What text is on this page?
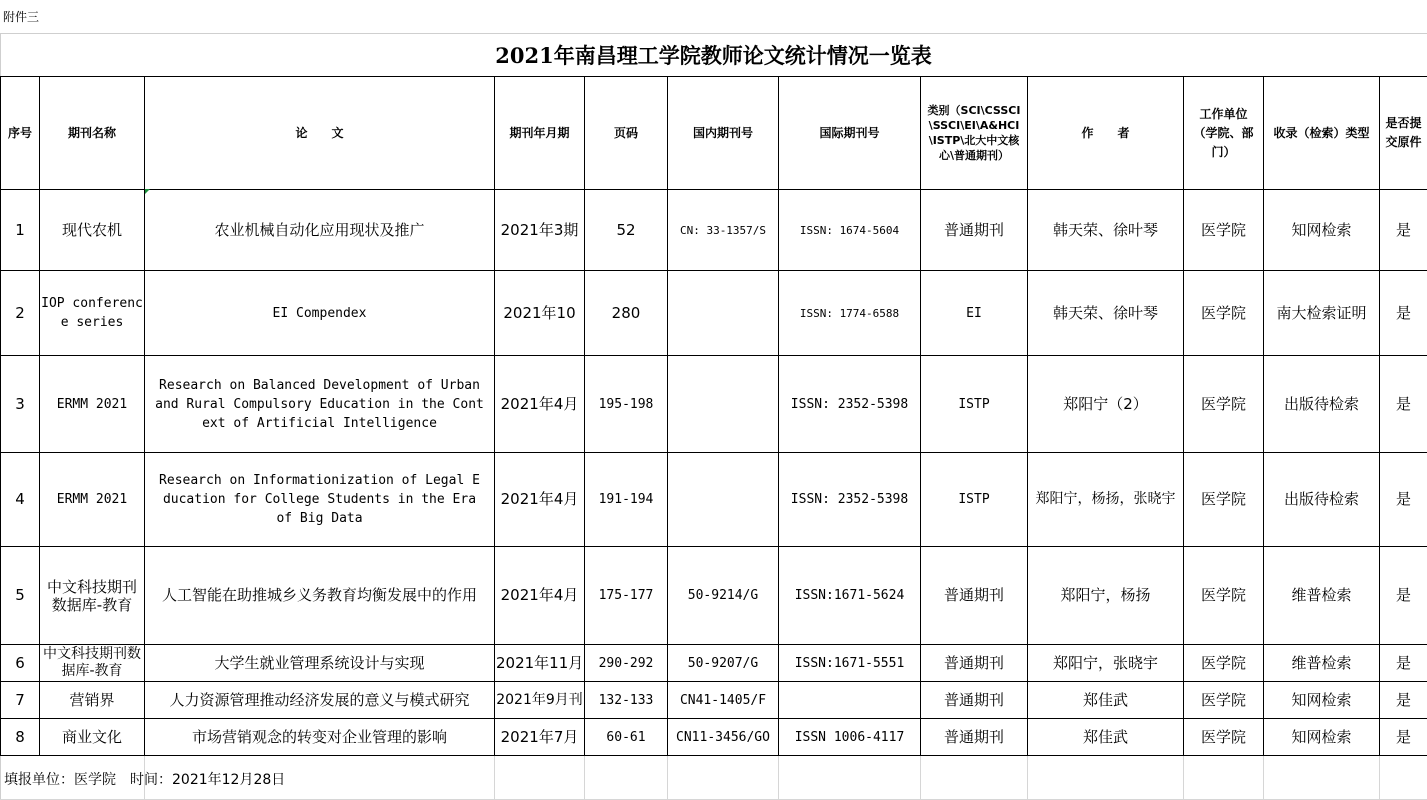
附件三
2021年南昌理工学院教师论文统计情况一览表
序号	期刊名称	论　　文	期刊年月期	页码	国内期刊号	国际期刊号	类别（SCI\CSSCI\SSCI\EI\A&HCI\ISTP\北大中文核心\普通期刊）	作　　者	工作单位（学院、部门）	收录（检索）类型	是否提交原件
1	现代农机	农业机械自动化应用现状及推广	2021年3期	52	CN: 33-1357/S	ISSN: 1674-5604	普通期刊	韩天荣、徐叶琴	医学院	知网检索	是
2	IOP conference series	EI Compendex	2021年10	280		ISSN: 1774-6588	EI	韩天荣、徐叶琴	医学院	南大检索证明	是
3	ERMM 2021	Research on Balanced Development of Urban and Rural Compulsory Education in the Context of Artificial Intelligence	2021年4月	195-198		ISSN: 2352-5398	ISTP	郑阳宁（2）	医学院	出版待检索	是
4	ERMM 2021	Research on Informationization of Legal Education for College Students in the Era of Big Data	2021年4月	191-194		ISSN: 2352-5398	ISTP	郑阳宁，杨扬，张晓宇	医学院	出版待检索	是
5	中文科技期刊数据库-教育	人工智能在助推城乡义务教育均衡发展中的作用	2021年4月	175-177	50-9214/G	ISSN:1671-5624	普通期刊	郑阳宁，杨扬	医学院	维普检索	是
6	中文科技期刊数据库-教育	大学生就业管理系统设计与实现	2021年11月	290-292	50-9207/G	ISSN:1671-5551	普通期刊	郑阳宁，张晓宇	医学院	维普检索	是
7	营销界	人力资源管理推动经济发展的意义与模式研究	2021年9月刊	132-133	CN41-1405/F		普通期刊	郑佳武	医学院	知网检索	是
8	商业文化	市场营销观念的转变对企业管理的影响	2021年7月	60-61	CN11-3456/GO	ISSN 1006-4117	普通期刊	郑佳武	医学院	知网检索	是
填报单位：医学院 时间：2021年12月28日
